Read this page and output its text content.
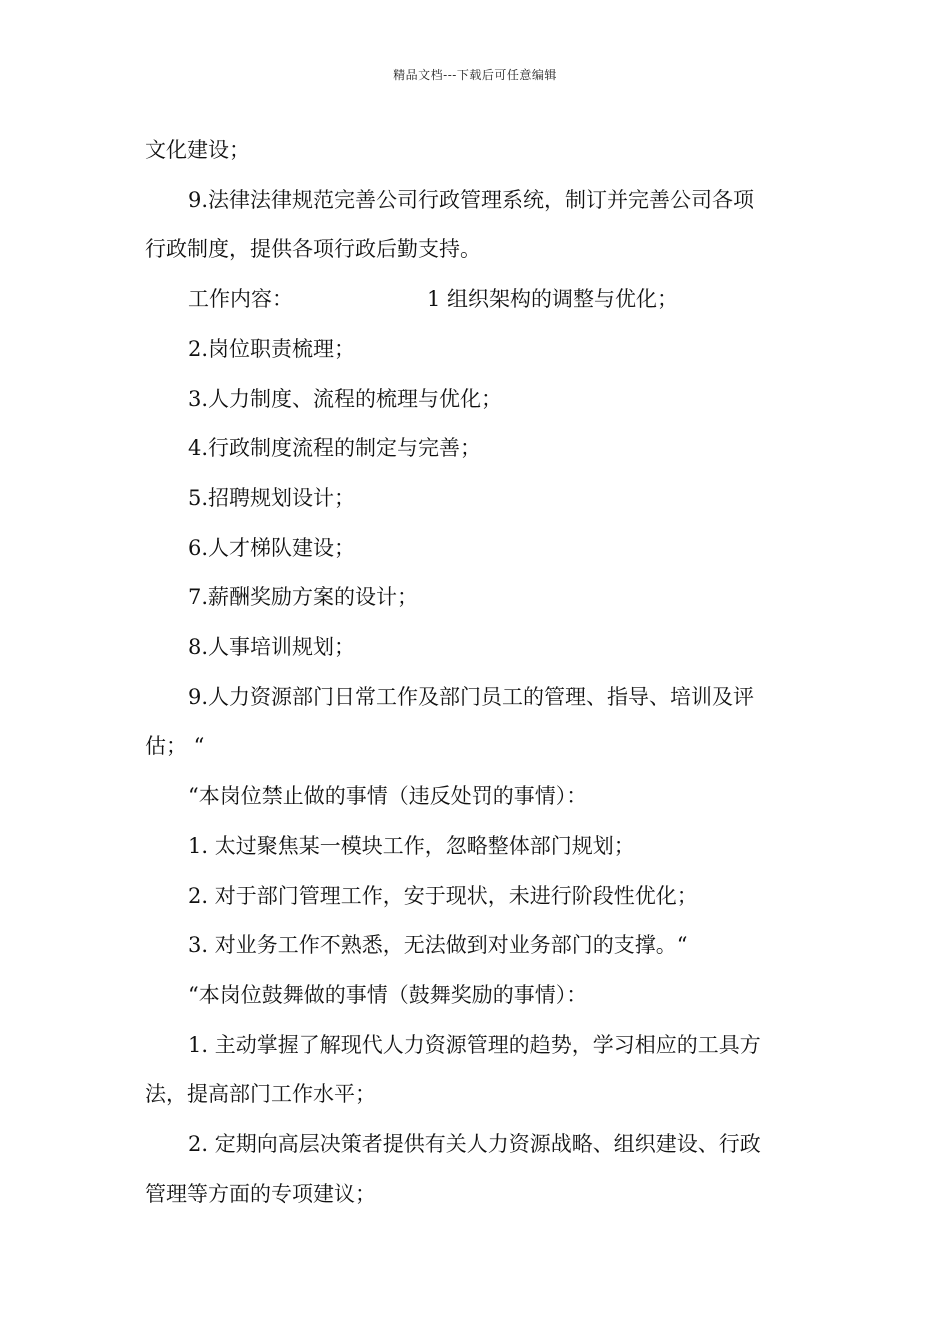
精品文档---下载后可任意编辑
文化建设；
9.法律法律规范完善公司行政管理系统，制订并完善公司各项
行政制度，提供各项行政后勤支持。
工作内容：	1 组织架构的调整与优化；
2.岗位职责梳理；
3.人力制度、流程的梳理与优化；
4.行政制度流程的制定与完善；
5.招聘规划设计；
6.人才梯队建设；
7.薪酬奖励方案的设计；
8.人事培训规划；
9.人力资源部门日常工作及部门员工的管理、指导、培训及评
估； “
“本岗位禁止做的事情（违反处罚的事情）：
1. 太过聚焦某一模块工作，忽略整体部门规划；
2. 对于部门管理工作，安于现状，未进行阶段性优化；
3. 对业务工作不熟悉，无法做到对业务部门的支撑。“
“本岗位鼓舞做的事情（鼓舞奖励的事情）：
1. 主动掌握了解现代人力资源管理的趋势，学习相应的工具方
法，提高部门工作水平；
2. 定期向高层决策者提供有关人力资源战略、组织建设、行政
管理等方面的专项建议；
